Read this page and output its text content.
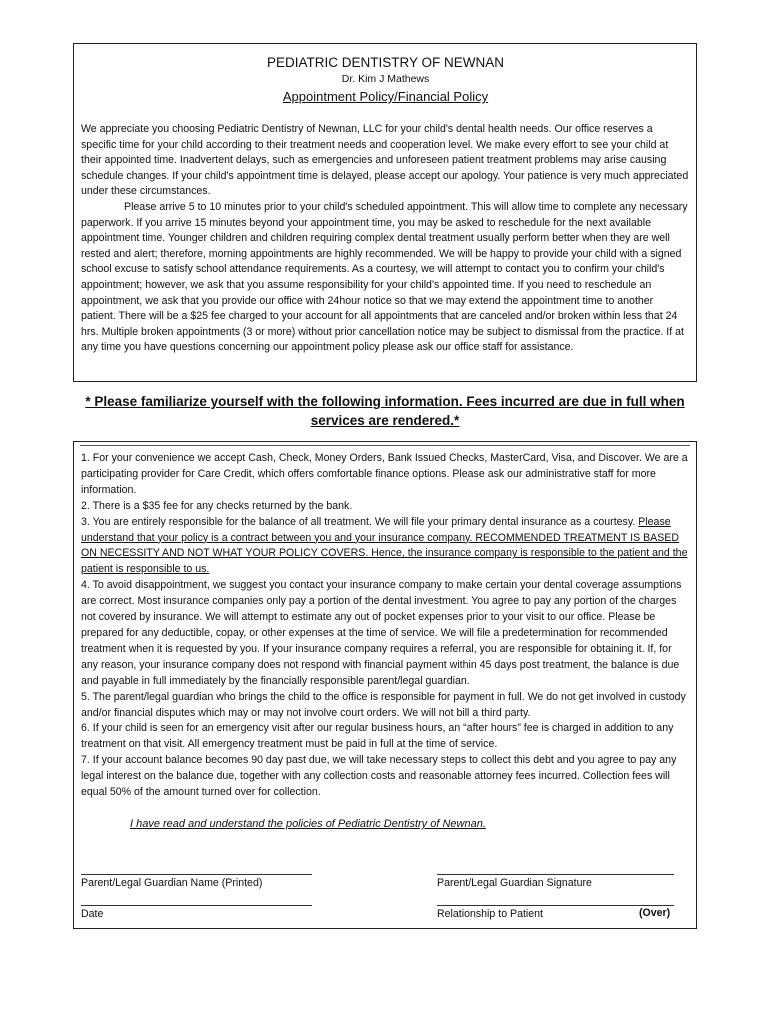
PEDIATRIC DENTISTRY OF NEWNAN

Dr. Kim J Mathews

Appointment Policy/Financial Policy

We appreciate you choosing Pediatric Dentistry of Newnan, LLC for your child's dental health needs. Our office reserves a specific time for your child according to their treatment needs and cooperation level. We make every effort to see your child at their appointed time. Inadvertent delays, such as emergencies and unforeseen patient treatment problems may arise causing schedule changes. If your child's appointment time is delayed, please accept our apology. Your patience is very much appreciated under these circumstances.
Please arrive 5 to 10 minutes prior to your child's scheduled appointment. This will allow time to complete any necessary paperwork. If you arrive 15 minutes beyond your appointment time, you may be asked to reschedule for the next available appointment time. Younger children and children requiring complex dental treatment usually perform better when they are well rested and alert; therefore, morning appointments are highly recommended. We will be happy to provide your child with a signed school excuse to satisfy school attendance requirements. As a courtesy, we will attempt to contact you to confirm your child's appointment; however, we ask that you assume responsibility for your child's appointed time. If you need to reschedule an appointment, we ask that you provide our office with 24hour notice so that we may extend the appointment time to another patient. There will be a $25 fee charged to your account for all appointments that are canceled and/or broken within less that 24 hrs. Multiple broken appointments (3 or more) without prior cancellation notice may be subject to dismissal from the practice. If at any time you have questions concerning our appointment policy please ask our office staff for assistance.
* Please familiarize yourself with the following information. Fees incurred are due in full when services are rendered.*
1. For your convenience we accept Cash, Check, Money Orders, Bank Issued Checks, MasterCard, Visa, and Discover. We are a participating provider for Care Credit, which offers comfortable finance options. Please ask our administrative staff for more information.
2. There is a $35 fee for any checks returned by the bank.
3. You are entirely responsible for the balance of all treatment. We will file your primary dental insurance as a courtesy. Please understand that your policy is a contract between you and your insurance company. RECOMMENDED TREATMENT IS BASED ON NECESSITY AND NOT WHAT YOUR POLICY COVERS. Hence, the insurance company is responsible to the patient and the patient is responsible to us.
4. To avoid disappointment, we suggest you contact your insurance company to make certain your dental coverage assumptions are correct. Most insurance companies only pay a portion of the dental investment. You agree to pay any portion of the charges not covered by insurance. We will attempt to estimate any out of pocket expenses prior to your visit to our office. Please be prepared for any deductible, copay, or other expenses at the time of service. We will file a predetermination for recommended treatment when it is requested by you. If your insurance company requires a referral, you are responsible for obtaining it. If, for any reason, your insurance company does not respond with financial payment within 45 days post treatment, the balance is due and payable in full immediately by the financially responsible parent/legal guardian.
5. The parent/legal guardian who brings the child to the office is responsible for payment in full. We do not get involved in custody and/or financial disputes which may or may not involve court orders. We will not bill a third party.
6. If your child is seen for an emergency visit after our regular business hours, an “after hours” fee is charged in addition to any treatment on that visit. All emergency treatment must be paid in full at the time of service.
7. If your account balance becomes 90 day past due, we will take necessary steps to collect this debt and you agree to pay any legal interest on the balance due, together with any collection costs and reasonable attorney fees incurred. Collection fees will equal 50% of the amount turned over for collection.
I have read and understand the policies of Pediatric Dentistry of Newnan.
Parent/Legal Guardian Name (Printed)	Parent/Legal Guardian Signature
Date	Relationship to Patient	(Over)
